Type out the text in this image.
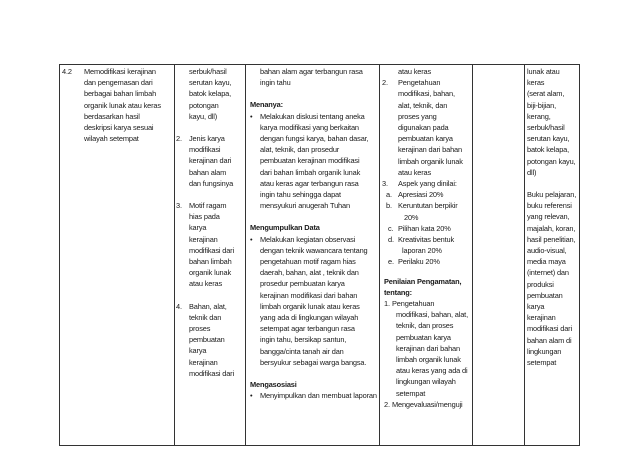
4.2 Memodifikasi kerajinan

dan pengemasan dari

berbagai bahan limbah

organik lunak atau keras

berdasarkan hasil

deskripsi karya sesuai

wilayah setempat

serbuk/hasil

serutan kayu,

batok kelapa,

potongan

kayu, dll)

2. Jenis karya

modifikasi

kerajinan dari

bahan alam

dan fungsinya

3. Motif ragam

hias pada

karya

kerajinan

modifikasi dari

bahan limbah

organik lunak

atau keras

4. Bahan, alat,

teknik dan

proses

pembuatan

karya

kerajinan

modifikasi dari

bahan alam agar terbangun rasa

ingin tahu

Menanya:

• Melakukan diskusi tentang aneka

karya modifikasi yang berkaitan

dengan fungsi karya, bahan dasar,

alat, teknik, dan prosedur

pembuatan kerajinan modifikasi

dari bahan limbah organik lunak

atau keras agar terbangun rasa

ingin tahu sehingga dapat

mensyukuri anugerah Tuhan

Mengumpulkan Data

• Melakukan kegiatan observasi

dengan teknik wawancara tentang

pengetahuan motif ragam hias

daerah, bahan, alat , teknik dan

prosedur pembuatan karya

kerajinan modifikasi dari bahan

limbah organik lunak atau keras

yang ada di lingkungan wilayah

setempat agar terbangun rasa

ingin tahu, bersikap santun,

bangga/cinta tanah air dan

bersyukur sebagai warga bangsa.

Mengasosiasi

• Menyimpulkan dan membuat laporan

atau keras

2. Pengetahuan

modifikasi, bahan,

alat, teknik, dan

proses yang

digunakan pada

pembuatan karya

kerajinan dari bahan

limbah organik lunak

atau keras

3. Aspek yang dinilai:

a. Apresiasi 20%

b. Keruntutan berpikir

20%

c. Pilihan kata 20%

d. Kreativitas bentuk

laporan 20%

e. Perilaku 20%

Penilaian Pengamatan,

tentang:

1. Pengetahuan

modifikasi, bahan, alat,

teknik, dan proses

pembuatan karya

kerajinan dari bahan

limbah organik lunak

atau keras yang ada di

lingkungan wilayah

setempat

2. Mengevaluasi/menguji

lunak atau

keras

(serat alam,

biji-bijian,

kerang,

serbuk/hasil

serutan kayu,

batok kelapa,

potongan kayu,

dll)

Buku pelajaran,

buku referensi

yang relevan,

majalah, koran,

hasil penelitian,

audio-visual,

media maya

(internet) dan

produksi

pembuatan karya

kerajinan

modifikasi dari

bahan alam di

lingkungan

setempat
